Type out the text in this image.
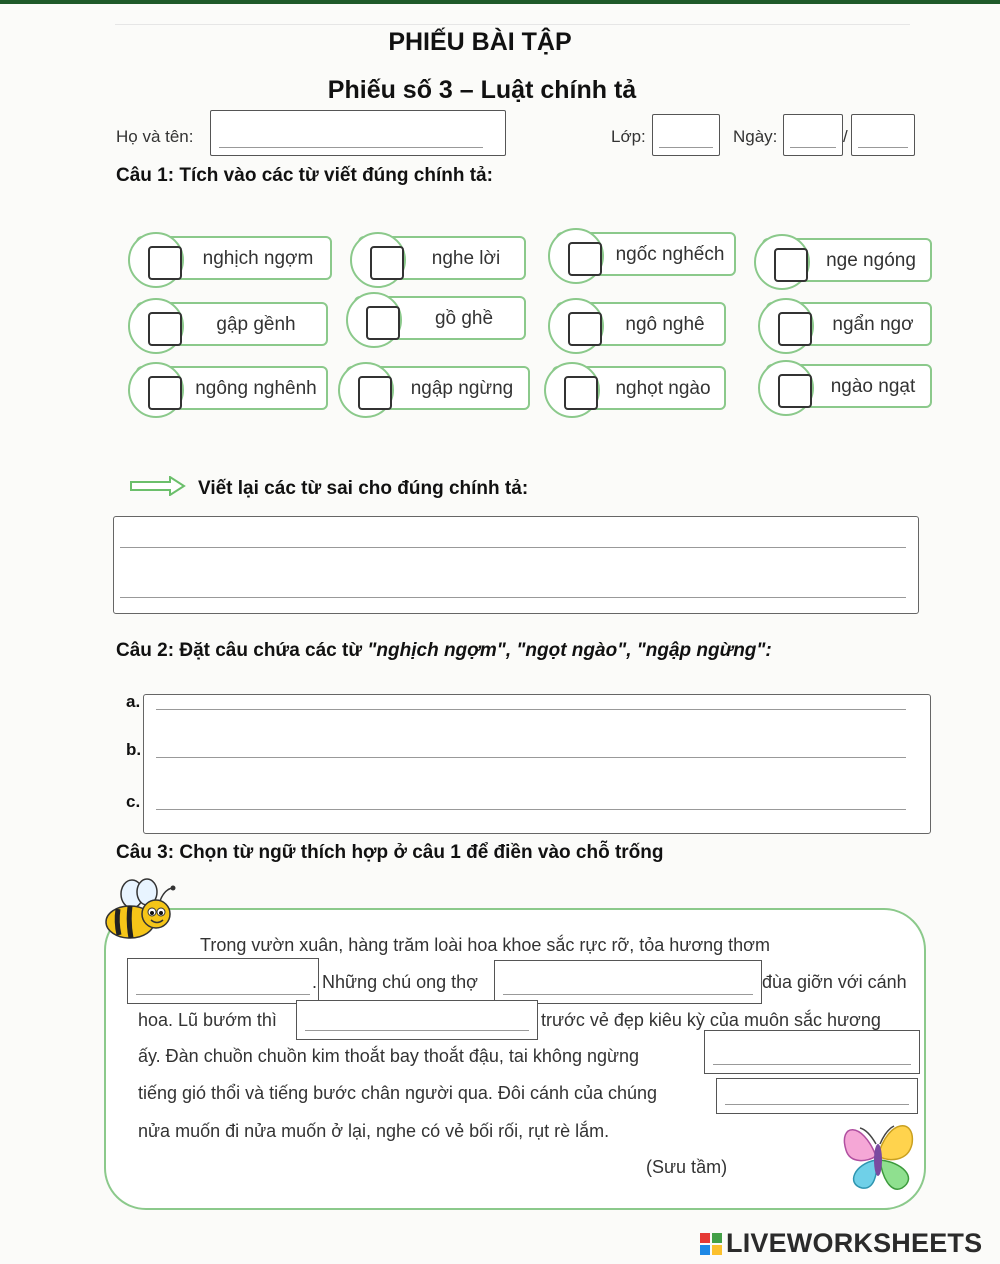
PHIẾU BÀI TẬP
Phiếu số 3 – Luật chính tả
Họ và tên:	Lớp:	Ngày:	/
Câu 1: Tích vào các từ viết đúng chính tả:
nghịch ngợm	nghe lời	ngốc nghếch	nge ngóng
gập gềnh	gồ ghề	ngô nghê	ngẩn ngơ
ngông nghênh	ngập ngừng	nghọt ngào	ngào ngạt
Viết lại các từ sai cho đúng chính tả:
Câu 2: Đặt câu chứa các từ "nghịch ngợm", "ngọt ngào", "ngập ngừng":
a.
b.
c.
Câu 3: Chọn từ ngữ thích hợp ở câu 1 để điền vào chỗ trống
Trong vườn xuân, hàng trăm loài hoa khoe sắc rực rỡ, tỏa hương thơm
. Những chú ong thợ	đùa giỡn với cánh
hoa. Lũ bướm thì	trước vẻ đẹp kiêu kỳ của muôn sắc hương
ấy. Đàn chuồn chuồn kim thoắt bay thoắt đậu, tai không ngừng
tiếng gió thổi và tiếng bước chân người qua. Đôi cánh của chúng
nửa muốn đi nửa muốn ở lại, nghe có vẻ bối rối, rụt rè lắm.
(Sưu tầm)
LIVEWORKSHEETS
